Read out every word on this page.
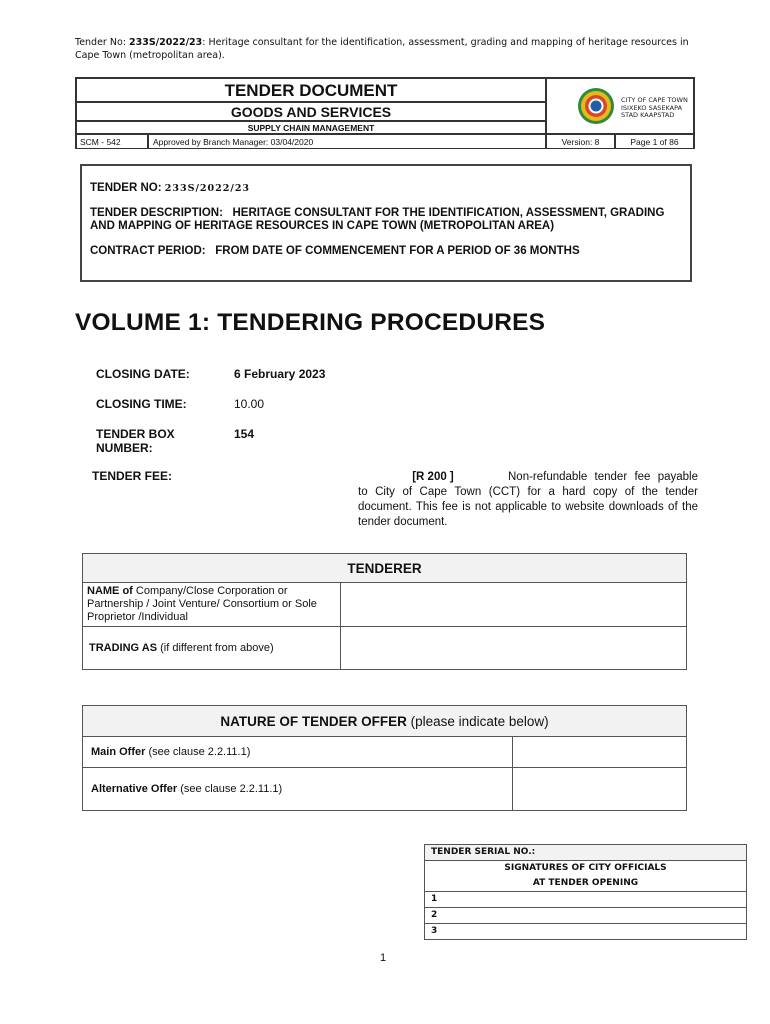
Tender No: 233S/2022/23: Heritage consultant for the identification, assessment, grading and mapping of heritage resources in Cape Town (metropolitan area).
TENDER DOCUMENT
GOODS AND SERVICES
SUPPLY CHAIN MANAGEMENT
SCM - 542	Approved by Branch Manager: 03/04/2020
CITY OF CAPE TOWN
ISIXEKO SASEKAPA
STAD KAAPSTAD
Version: 8	Page 1 of 86
TENDER NO: 233S/2022/23
TENDER DESCRIPTION: HERITAGE CONSULTANT FOR THE IDENTIFICATION, ASSESSMENT, GRADING AND MAPPING OF HERITAGE RESOURCES IN CAPE TOWN (METROPOLITAN AREA)
CONTRACT PERIOD: FROM DATE OF COMMENCEMENT FOR A PERIOD OF 36 MONTHS
VOLUME 1: TENDERING PROCEDURES
CLOSING DATE:	6 February 2023
CLOSING TIME:	10.00
TENDER BOX
NUMBER:
154
TENDER FEE:	[R 200 ]	Non-refundable tender fee payable to City of Cape Town (CCT) for a hard copy of the tender document. This fee is not applicable to website downloads of the tender document.
TENDERER	
NAME of Company/Close Corporation or Partnership / Joint Venture/ Consortium or Sole Proprietor /Individual	
TRADING AS (if different from above)	
NATURE OF TENDER OFFER (please indicate below)	
Main Offer (see clause 2.2.11.1)	
Alternative Offer (see clause 2.2.11.1)	
TENDER SERIAL NO.:

SIGNATURES OF CITY OFFICIALS
AT TENDER OPENING

1
2
3
1
